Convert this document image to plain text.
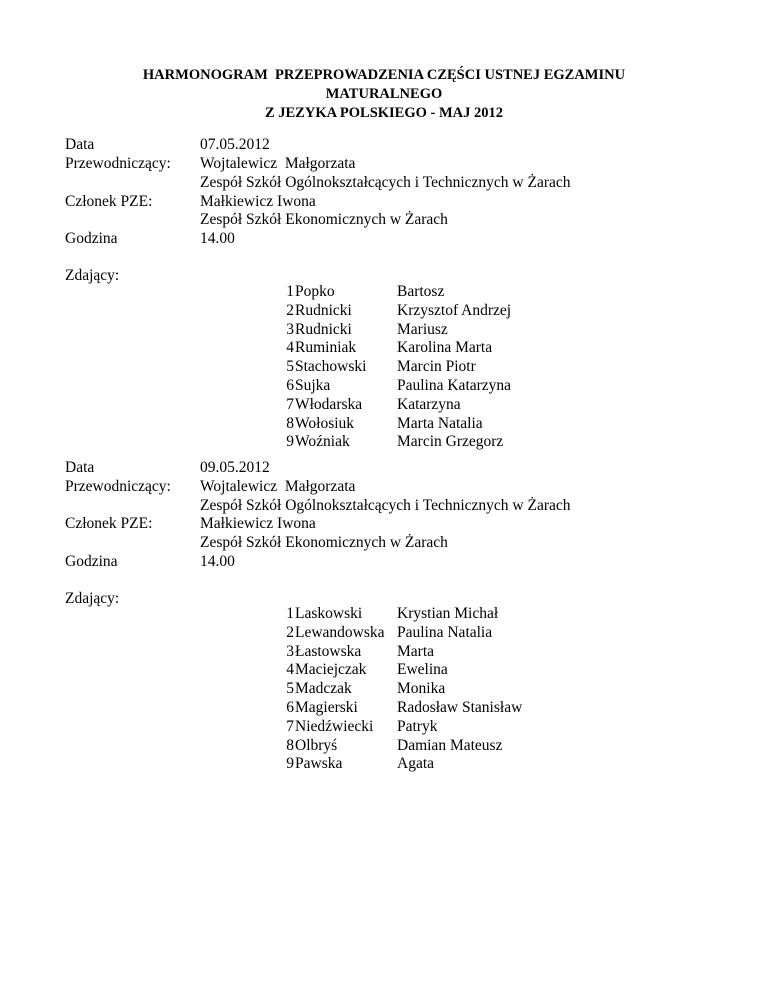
HARMONOGRAM  PRZEPROWADZENIA CZĘŚCI USTNEJ EGZAMINU
MATURALNEGO
Z JEZYKA POLSKIEGO - MAJ 2012
Data	07.05.2012
Przewodniczący: Wojtalewicz  Małgorzata
Zespół Szkół Ogólnokształcących i Technicznych w Żarach
Członek PZE:	Małkiewicz Iwona
Zespół Szkół Ekonomicznych w Żarach
Godzina	14.00
Zdający:
1	Popko	Bartosz
2	Rudnicki	Krzysztof Andrzej
3	Rudnicki	Mariusz
4	Ruminiak	Karolina Marta
5	Stachowski	Marcin Piotr
6	Sujka	Paulina Katarzyna
7	Włodarska	Katarzyna
8	Wołosiuk	Marta Natalia
9	Woźniak	Marcin Grzegorz
Data	09.05.2012
Przewodniczący: Wojtalewicz  Małgorzata
Zespół Szkół Ogólnokształcących i Technicznych w Żarach
Członek PZE:	Małkiewicz Iwona
Zespół Szkół Ekonomicznych w Żarach
Godzina	14.00
Zdający:
1	Laskowski	Krystian Michał
2	Lewandowska	Paulina Natalia
3	Łastowska	Marta
4	Maciejczak	Ewelina
5	Madczak	Monika
6	Magierski	Radosław Stanisław
7	Niedźwiecki	Patryk
8	Olbryś	Damian Mateusz
9	Pawska	Agata
